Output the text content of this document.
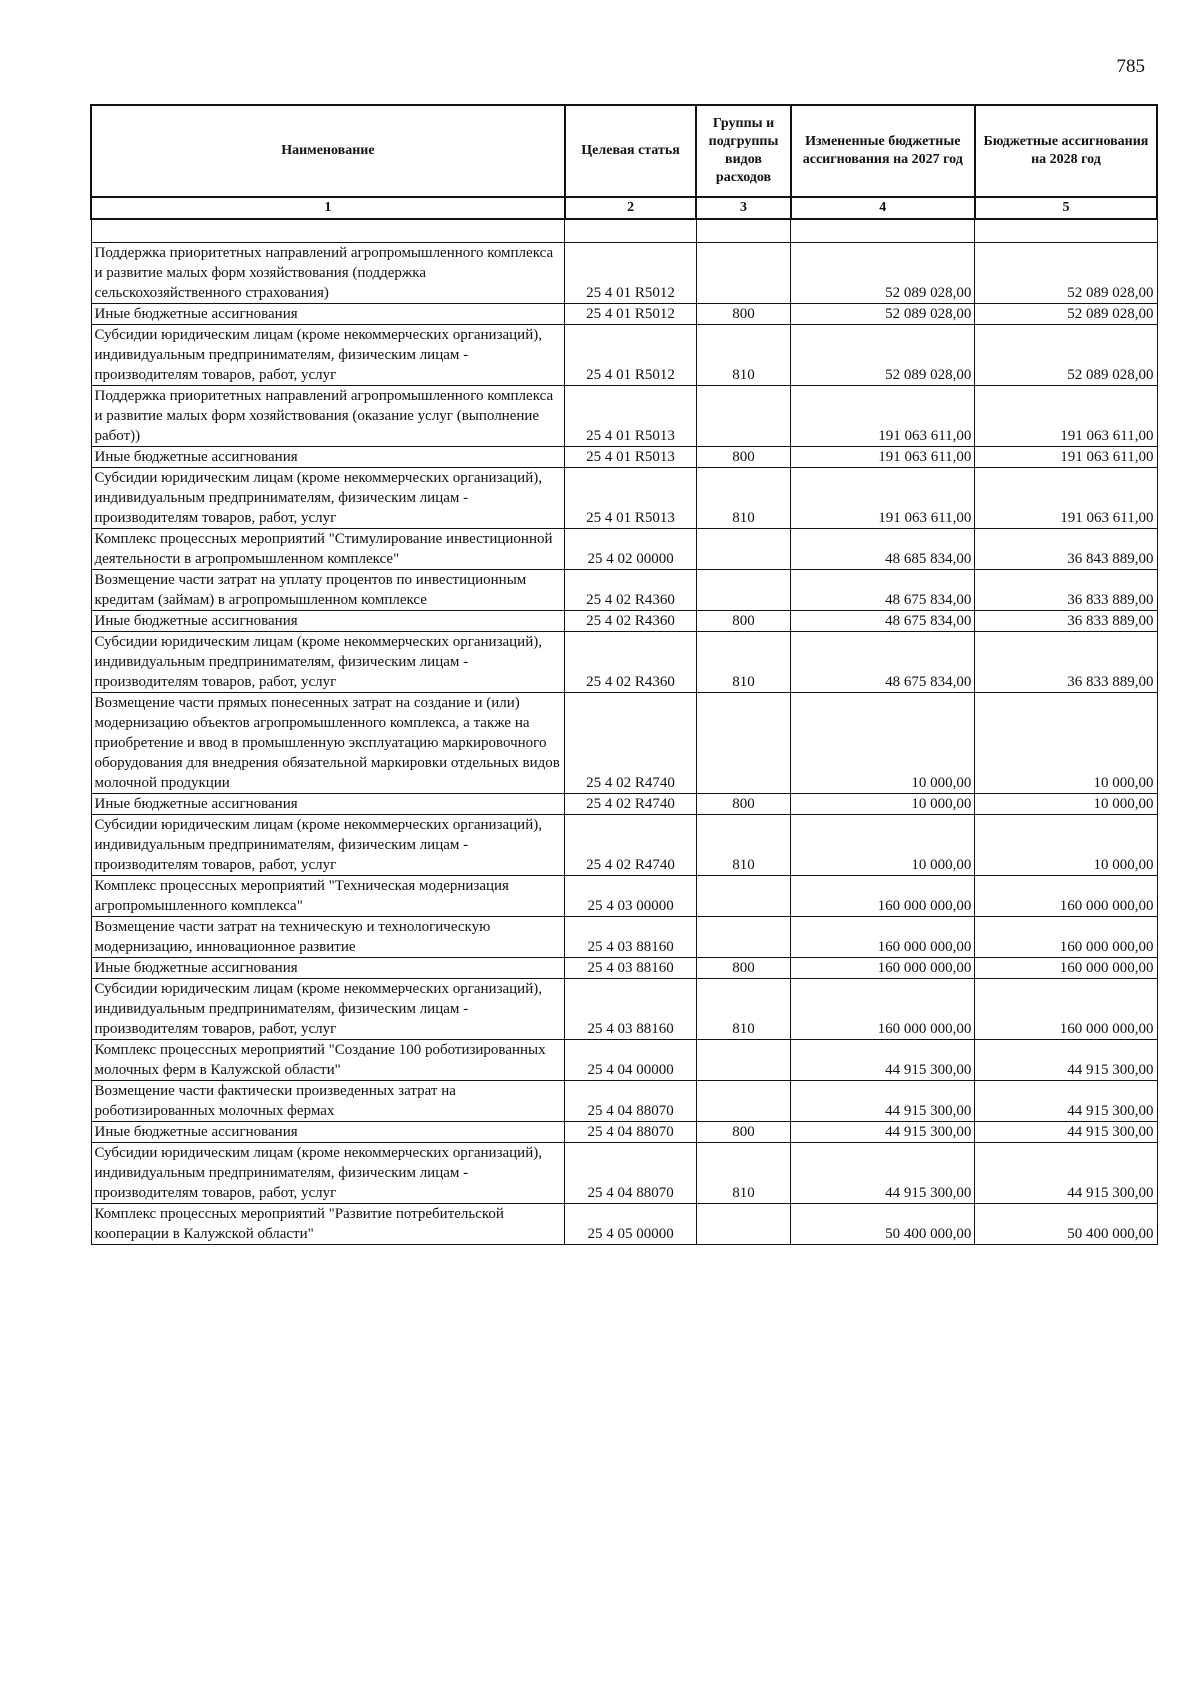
785
Наименование	Целевая статья	Группы и подгруппы видов расходов	Измененные бюджетные ассигнования на 2027 год	Бюджетные ассигнования на 2028 год
1	2	3	4	5

Поддержка приоритетных направлений агропромышленного комплекса и развитие малых форм хозяйствования (поддержка сельскохозяйственного страхования)	25 4 01 R5012		52 089 028,00	52 089 028,00
Иные бюджетные ассигнования	25 4 01 R5012	800	52 089 028,00	52 089 028,00
Субсидии юридическим лицам (кроме некоммерческих организаций), индивидуальным предпринимателям, физическим лицам - производителям товаров, работ, услуг	25 4 01 R5012	810	52 089 028,00	52 089 028,00
Поддержка приоритетных направлений агропромышленного комплекса и развитие малых форм хозяйствования (оказание услуг (выполнение работ))	25 4 01 R5013		191 063 611,00	191 063 611,00
Иные бюджетные ассигнования	25 4 01 R5013	800	191 063 611,00	191 063 611,00
Субсидии юридическим лицам (кроме некоммерческих организаций), индивидуальным предпринимателям, физическим лицам - производителям товаров, работ, услуг	25 4 01 R5013	810	191 063 611,00	191 063 611,00
Комплекс процессных мероприятий "Стимулирование инвестиционной деятельности в агропромышленном комплексе"	25 4 02 00000		48 685 834,00	36 843 889,00
Возмещение части затрат на уплату процентов по инвестиционным кредитам (займам) в агропромышленном комплексе	25 4 02 R4360		48 675 834,00	36 833 889,00
Иные бюджетные ассигнования	25 4 02 R4360	800	48 675 834,00	36 833 889,00
Субсидии юридическим лицам (кроме некоммерческих организаций), индивидуальным предпринимателям, физическим лицам - производителям товаров, работ, услуг	25 4 02 R4360	810	48 675 834,00	36 833 889,00
Возмещение части прямых понесенных затрат на создание и (или) модернизацию объектов агропромышленного комплекса, а также на приобретение и ввод в промышленную эксплуатацию маркировочного оборудования для внедрения обязательной маркировки отдельных видов молочной продукции	25 4 02 R4740		10 000,00	10 000,00
Иные бюджетные ассигнования	25 4 02 R4740	800	10 000,00	10 000,00
Субсидии юридическим лицам (кроме некоммерческих организаций), индивидуальным предпринимателям, физическим лицам - производителям товаров, работ, услуг	25 4 02 R4740	810	10 000,00	10 000,00
Комплекс процессных мероприятий "Техническая модернизация агропромышленного комплекса"	25 4 03 00000		160 000 000,00	160 000 000,00
Возмещение части затрат на техническую и технологическую модернизацию, инновационное развитие	25 4 03 88160		160 000 000,00	160 000 000,00
Иные бюджетные ассигнования	25 4 03 88160	800	160 000 000,00	160 000 000,00
Субсидии юридическим лицам (кроме некоммерческих организаций), индивидуальным предпринимателям, физическим лицам - производителям товаров, работ, услуг	25 4 03 88160	810	160 000 000,00	160 000 000,00
Комплекс процессных мероприятий "Создание 100 роботизированных молочных ферм в Калужской области"	25 4 04 00000		44 915 300,00	44 915 300,00
Возмещение части фактически произведенных затрат на роботизированных молочных фермах	25 4 04 88070		44 915 300,00	44 915 300,00
Иные бюджетные ассигнования	25 4 04 88070	800	44 915 300,00	44 915 300,00
Субсидии юридическим лицам (кроме некоммерческих организаций), индивидуальным предпринимателям, физическим лицам - производителям товаров, работ, услуг	25 4 04 88070	810	44 915 300,00	44 915 300,00
Комплекс процессных мероприятий "Развитие потребительской кооперации в Калужской области"	25 4 05 00000		50 400 000,00	50 400 000,00
